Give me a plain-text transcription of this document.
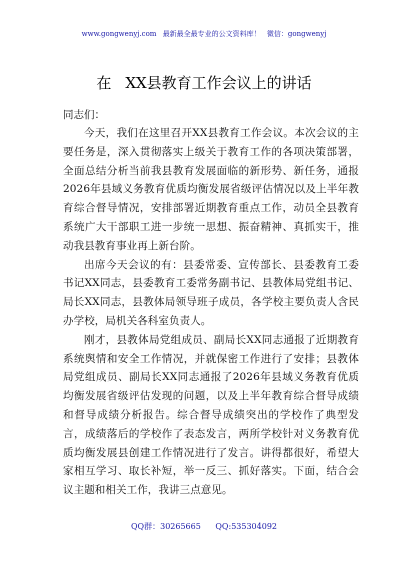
www.gongwenyj.com 最新最全最专业的公文资料库！ 微信：gongwenyj
在 XX县教育工作会议上的讲话

同志们：

今天，我们在这里召开XX县教育工作会议。本次会议的主要任务是，深入贯彻落实上级关于教育工作的各项决策部署，全面总结分析当前我县教育发展面临的新形势、新任务，通报2026年县域义务教育优质均衡发展省级评估情况以及上半年教育综合督导情况，安排部署近期教育重点工作，动员全县教育系统广大干部职工进一步统一思想、振奋精神、真抓实干，推动我县教育事业再上新台阶。

出席今天会议的有：县委常委、宣传部长、县委教育工委书记XX同志，县委教育工委常务副书记、县教体局党组书记、局长XX同志，县教体局领导班子成员，各学校主要负责人含民办学校，局机关各科室负责人。

刚才，县教体局党组成员、副局长XX同志通报了近期教育系统舆情和安全工作情况，并就保密工作进行了安排；县教体局党组成员、副局长XX同志通报了2026年县域义务教育优质均衡发展省级评估发现的问题，以及上半年教育综合督导成绩和督导成绩分析报告。综合督导成绩突出的学校作了典型发言，成绩落后的学校作了表态发言，两所学校针对义务教育优质均衡发展县创建工作情况进行了发言。讲得都很好，希望大家相互学习、取长补短，举一反三、抓好落实。下面，结合会议主题和相关工作，我讲三点意见。

QQ群：30265665 QQ:535304092
